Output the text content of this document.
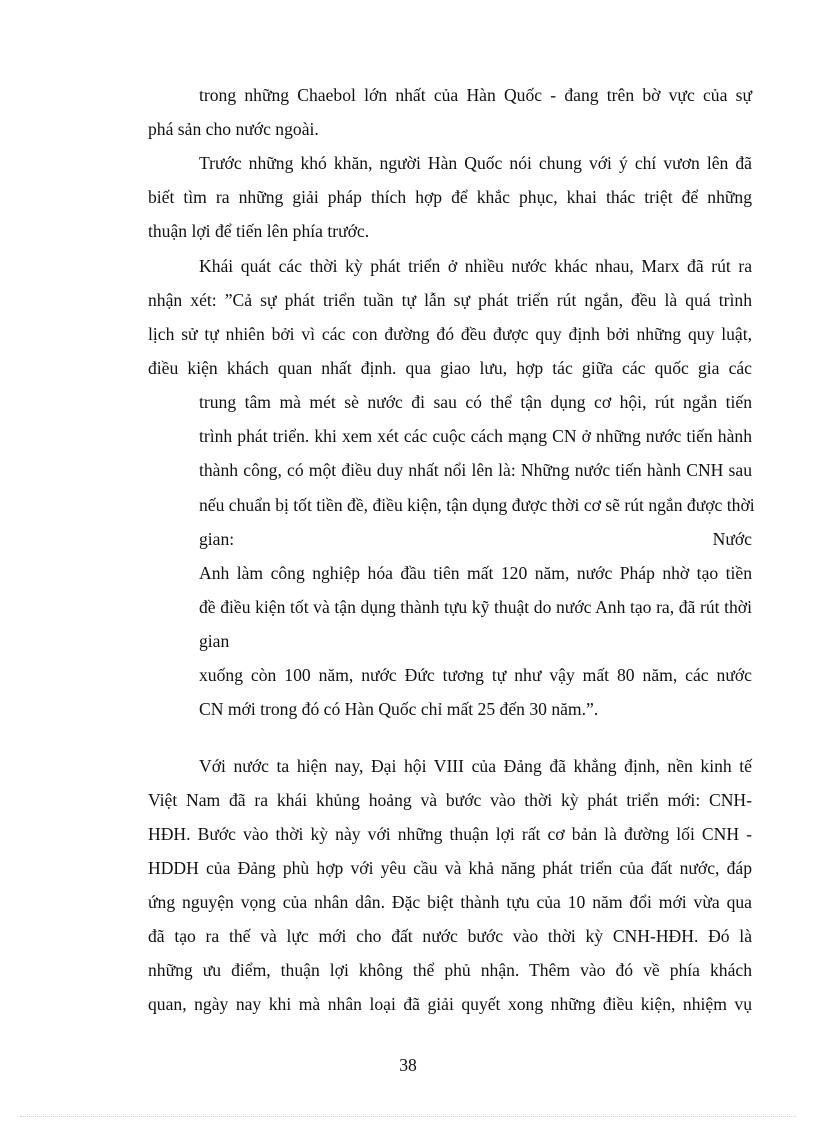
trong những Chaebol lớn nhất của Hàn Quốc - đang trên bờ vực của sự

phá sản cho nước ngoài.

Trước những khó khăn, người Hàn Quốc nói chung với ý chí vươn lên đã

biết tìm ra những giải pháp thích hợp để khắc phục, khai thác triệt để những

thuận lợi để tiến lên phía trước.

Khái quát các thời kỳ phát triển ở nhiều nước khác nhau, Marx đã rút ra

nhận xét: ”Cả sự phát triển tuần tự lẫn sự phát triển rút ngắn, đều là quá trình

lịch sử tự nhiên bởi vì các con đường đó đều được quy định bởi những quy luật,

điều kiện khách quan nhất định. qua giao lưu, hợp tác giữa các quốc gia các

trung tâm mà mét sè nước đi sau có thể tận dụng cơ hội, rút ngắn tiến

trình phát triển. khi xem xét các cuộc cách mạng CN ở những nước tiến hành

thành công, có một điều duy nhất nổi lên là: Những nước tiến hành CNH sau

nếu chuẩn bị tốt tiền đề, điều kiện, tận dụng được thời cơ sẽ rút ngắn được thời

gian:	Nước

Anh làm công nghiệp hóa đầu tiên mất 120 năm, nước Pháp nhờ tạo tiền

đề điều kiện tốt và tận dụng thành tựu kỹ thuật do nước Anh tạo ra, đã rút thời

gian

xuống còn 100 năm, nước Đức tương tự như vậy mất 80 năm, các nước

CN mới trong đó có Hàn Quốc chỉ mất 25 đến 30 năm.”.

Với nước ta hiện nay, Đại hội VIII của Đảng đã khẳng định, nền kinh tế

Việt Nam đã ra khái khủng hoảng và bước vào thời kỳ phát triển mới: CNH-

HĐH. Bước vào thời kỳ này với những thuận lợi rất cơ bản là đường lối CNH -

HDDH của Đảng phù hợp với yêu cầu và khả năng phát triển của đất nước, đáp

ứng nguyện vọng của nhân dân. Đặc biệt thành tựu của 10 năm đổi mới vừa qua

đã tạo ra thế và lực mới cho đất nước bước vào thời kỳ CNH-HĐH. Đó là

những ưu điểm, thuận lợi không thể phủ nhận. Thêm vào đó về phía khách

quan, ngày nay khi mà nhân loại đã giải quyết xong những điều kiện, nhiệm vụ

38
